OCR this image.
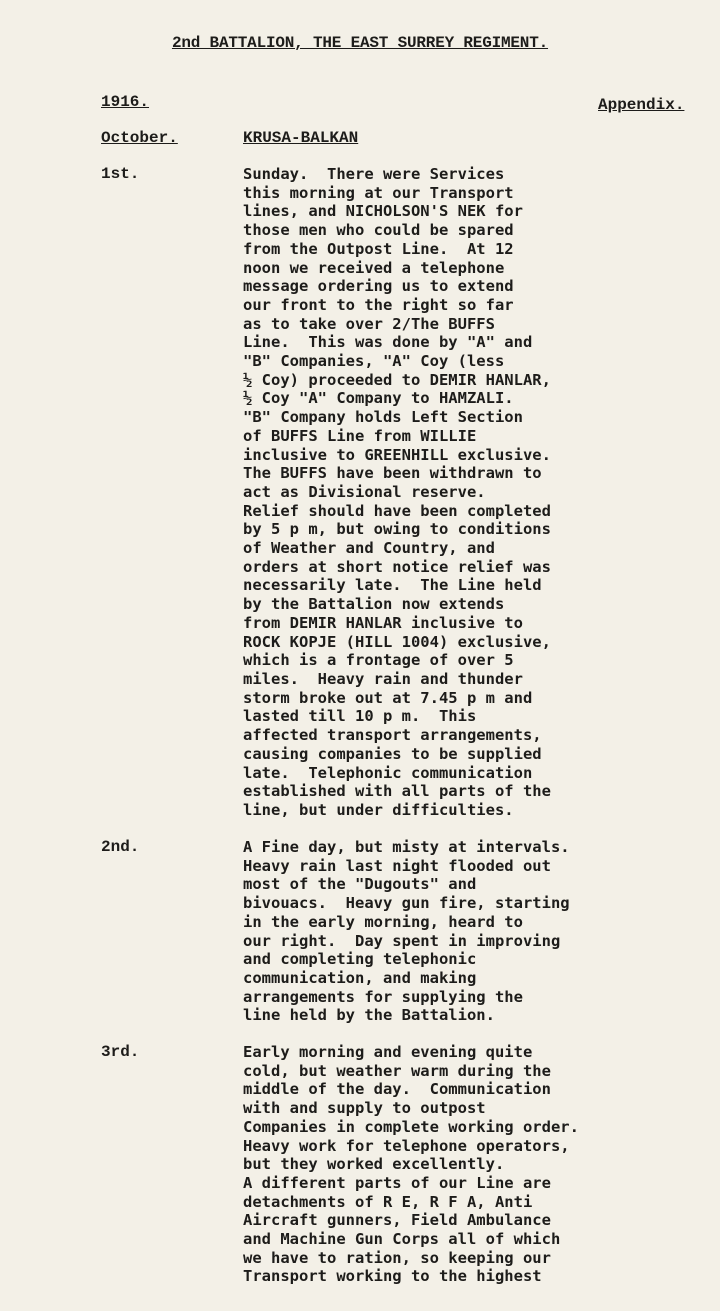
2nd BATTALION, THE EAST SURREY REGIMENT.
1916.	Appendix.
October.	KRUSA-BALKAN
1st.	Sunday.  There were Services
this morning at our Transport
lines, and NICHOLSON'S NEK for
those men who could be spared
from the Outpost Line.  At 12
noon we received a telephone
message ordering us to extend
our front to the right so far
as to take over 2/The BUFFS
Line.  This was done by "A" and
"B" Companies, "A" Coy (less
½ Coy) proceeded to DEMIR HANLAR,
½ Coy "A" Company to HAMZALI.
"B" Company holds Left Section
of BUFFS Line from WILLIE
inclusive to GREENHILL exclusive.
The BUFFS have been withdrawn to
act as Divisional reserve.
Relief should have been completed
by 5 p m, but owing to conditions
of Weather and Country, and
orders at short notice relief was
necessarily late.  The Line held
by the Battalion now extends
from DEMIR HANLAR inclusive to
ROCK KOPJE (HILL 1004) exclusive,
which is a frontage of over 5
miles.  Heavy rain and thunder
storm broke out at 7.45 p m and
lasted till 10 p m.  This
affected transport arrangements,
causing companies to be supplied
late.  Telephonic communication
established with all parts of the
line, but under difficulties.
2nd.	A Fine day, but misty at intervals.
Heavy rain last night flooded out
most of the "Dugouts" and
bivouacs.  Heavy gun fire, starting
in the early morning, heard to
our right.  Day spent in improving
and completing telephonic
communication, and making
arrangements for supplying the
line held by the Battalion.
3rd.	Early morning and evening quite
cold, but weather warm during the
middle of the day.  Communication
with and supply to outpost
Companies in complete working order.
Heavy work for telephone operators,
but they worked excellently.
A different parts of our Line are
detachments of R E, R F A, Anti
Aircraft gunners, Field Ambulance
and Machine Gun Corps all of which
we have to ration, so keeping our
Transport working to the highest
